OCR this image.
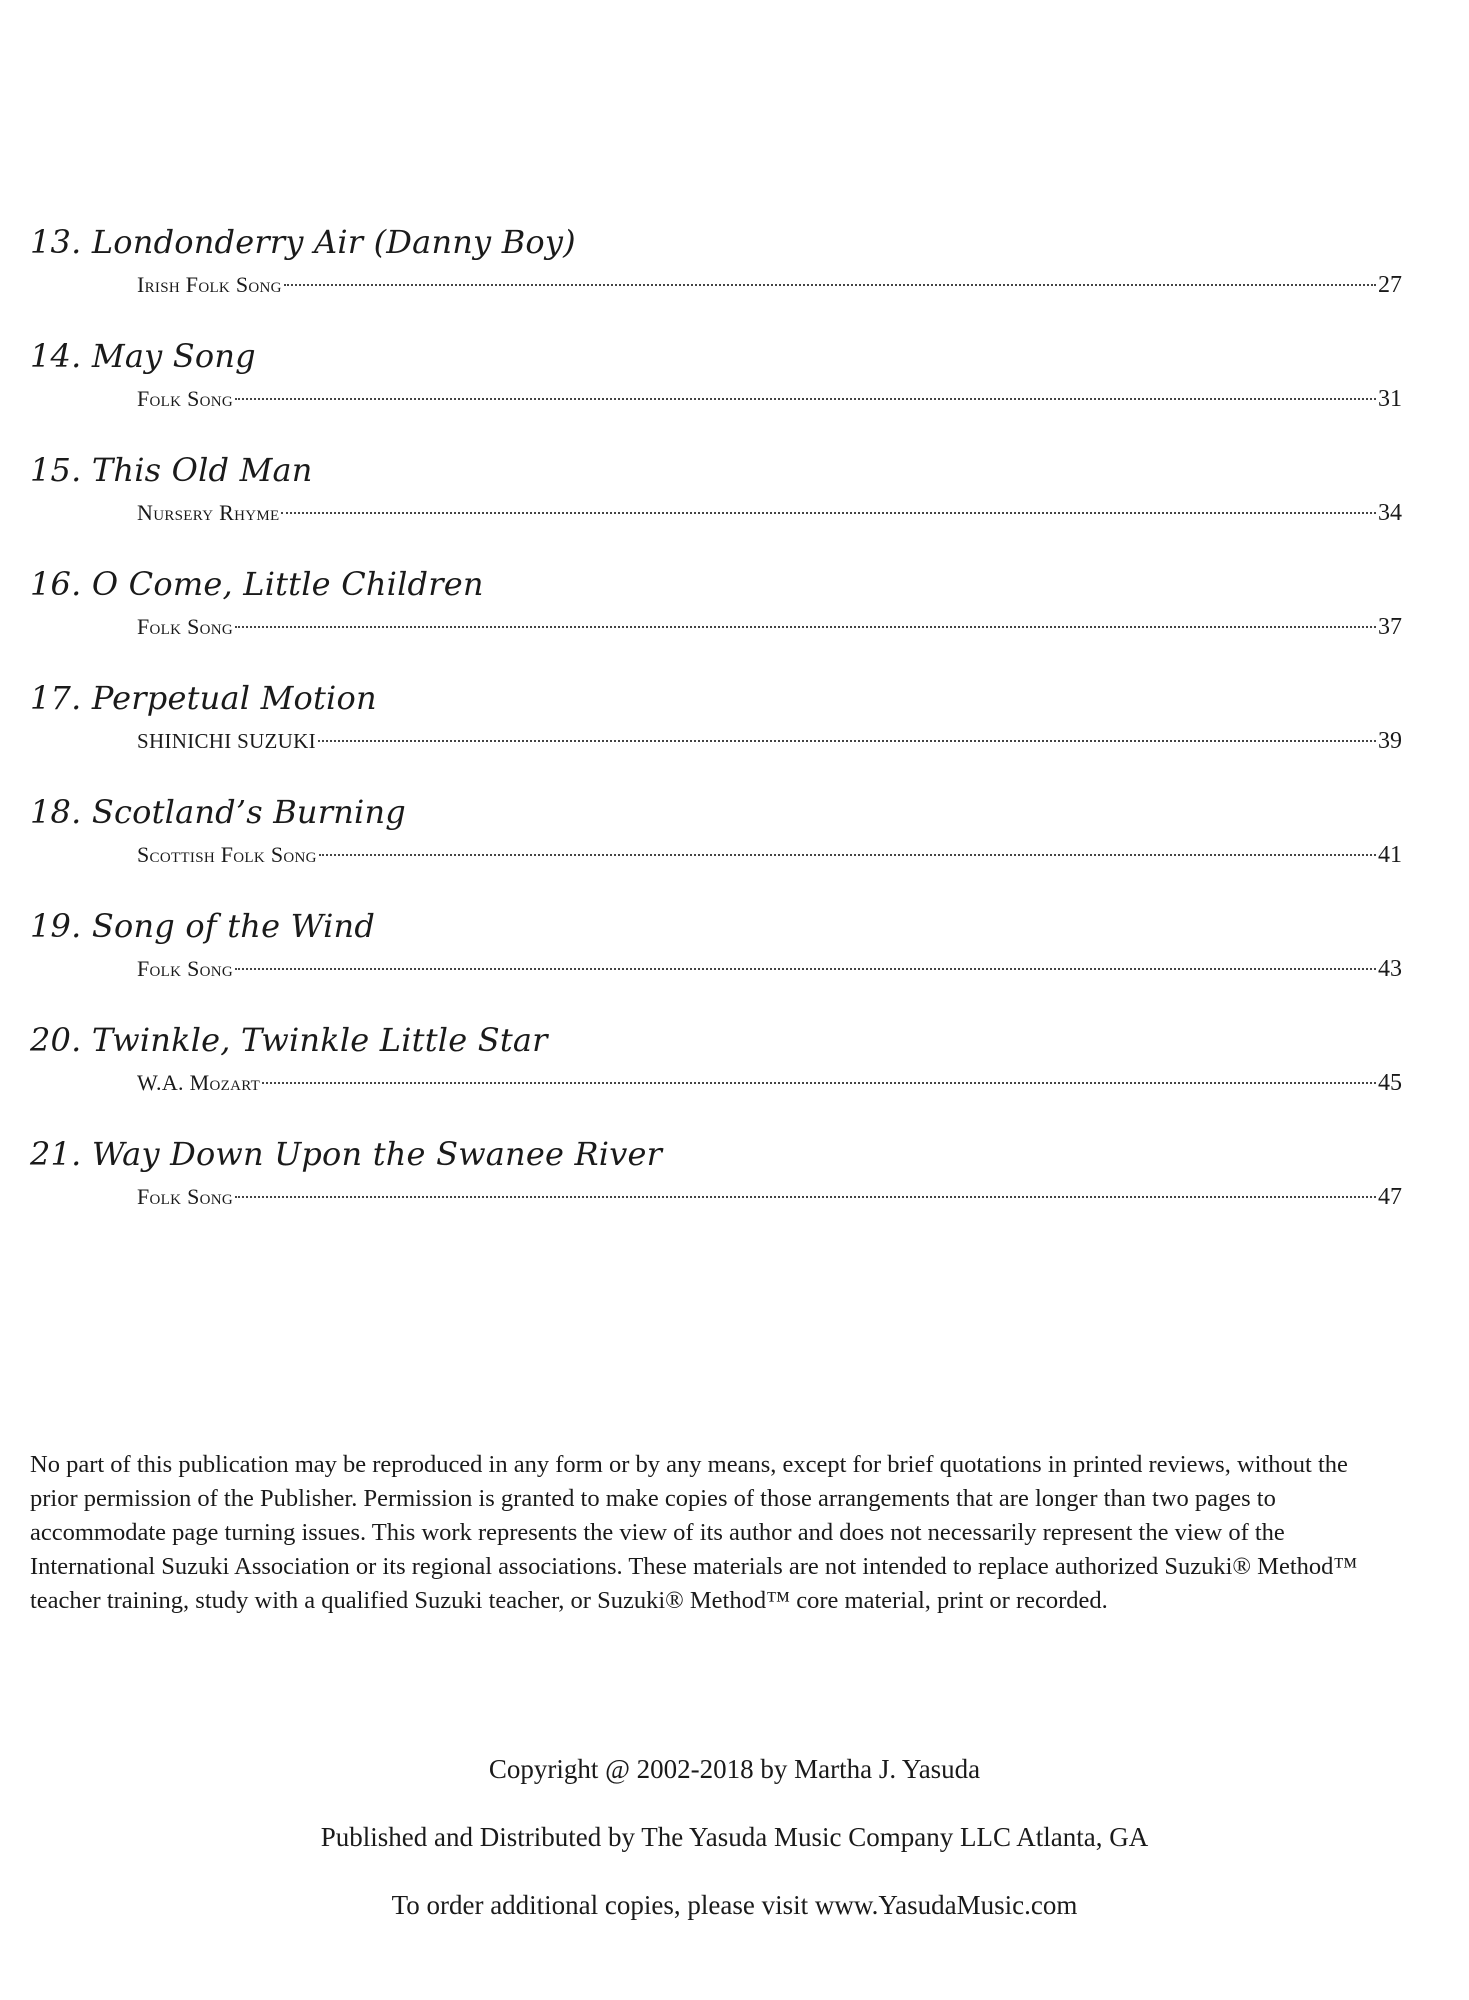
13. Londonderry Air (Danny Boy)
Irish Folk Song	27
14. May Song
Folk Song	31
15. This Old Man
Nursery Rhyme	34
16. O Come, Little Children
Folk Song	37
17. Perpetual Motion
SHINICHI SUZUKI	39
18. Scotland’s Burning
Scottish Folk Song	41
19. Song of the Wind
Folk Song	43
20. Twinkle, Twinkle Little Star
W.A. Mozart	45
21. Way Down Upon the Swanee River
Folk Song	47
No part of this publication may be reproduced in any form or by any means, except for brief quotations in printed reviews, without the prior permission of the Publisher. Permission is granted to make copies of those arrangements that are longer than two pages to accommodate page turning issues. This work represents the view of its author and does not necessarily represent the view of the International Suzuki Association or its regional associations. These materials are not intended to replace authorized Suzuki® Method™ teacher training, study with a qualified Suzuki teacher, or Suzuki® Method™ core material, print or recorded.
Copyright @ 2002-2018 by Martha J. Yasuda
Published and Distributed by The Yasuda Music Company LLC Atlanta, GA
To order additional copies, please visit www.YasudaMusic.com
